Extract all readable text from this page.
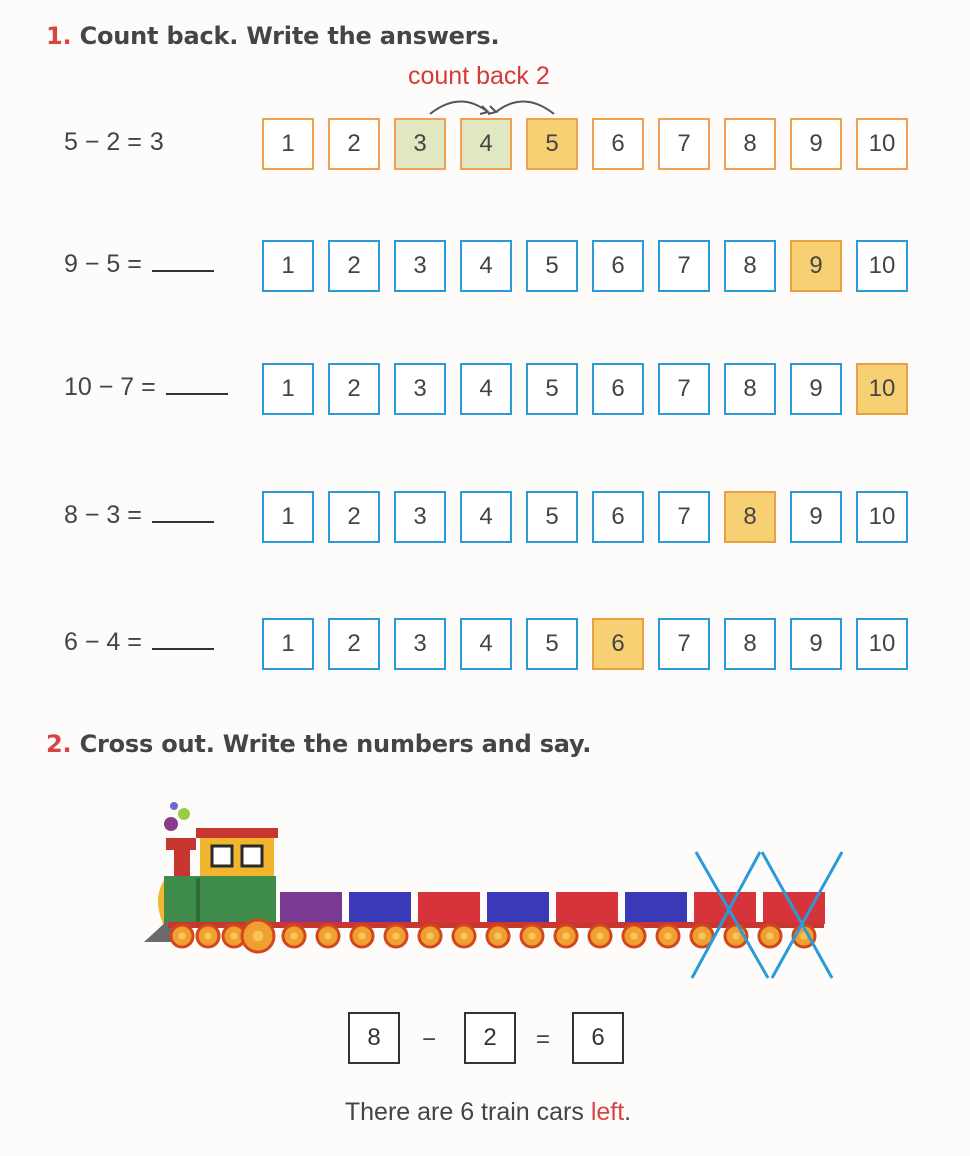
1. Count back. Write the answers.
count back 2
5 − 2 = 3	1	2	3	4	5	6	7	8	9	10
9 − 5 =	1	2	3	4	5	6	7	8	9	10
10 − 7 =	1	2	3	4	5	6	7	8	9	10
8 − 3 =	1	2	3	4	5	6	7	8	9	10
6 − 4 =	1	2	3	4	5	6	7	8	9	10
2. Cross out. Write the numbers and say.
8	−	2	=	6
There are 6 train cars left.
